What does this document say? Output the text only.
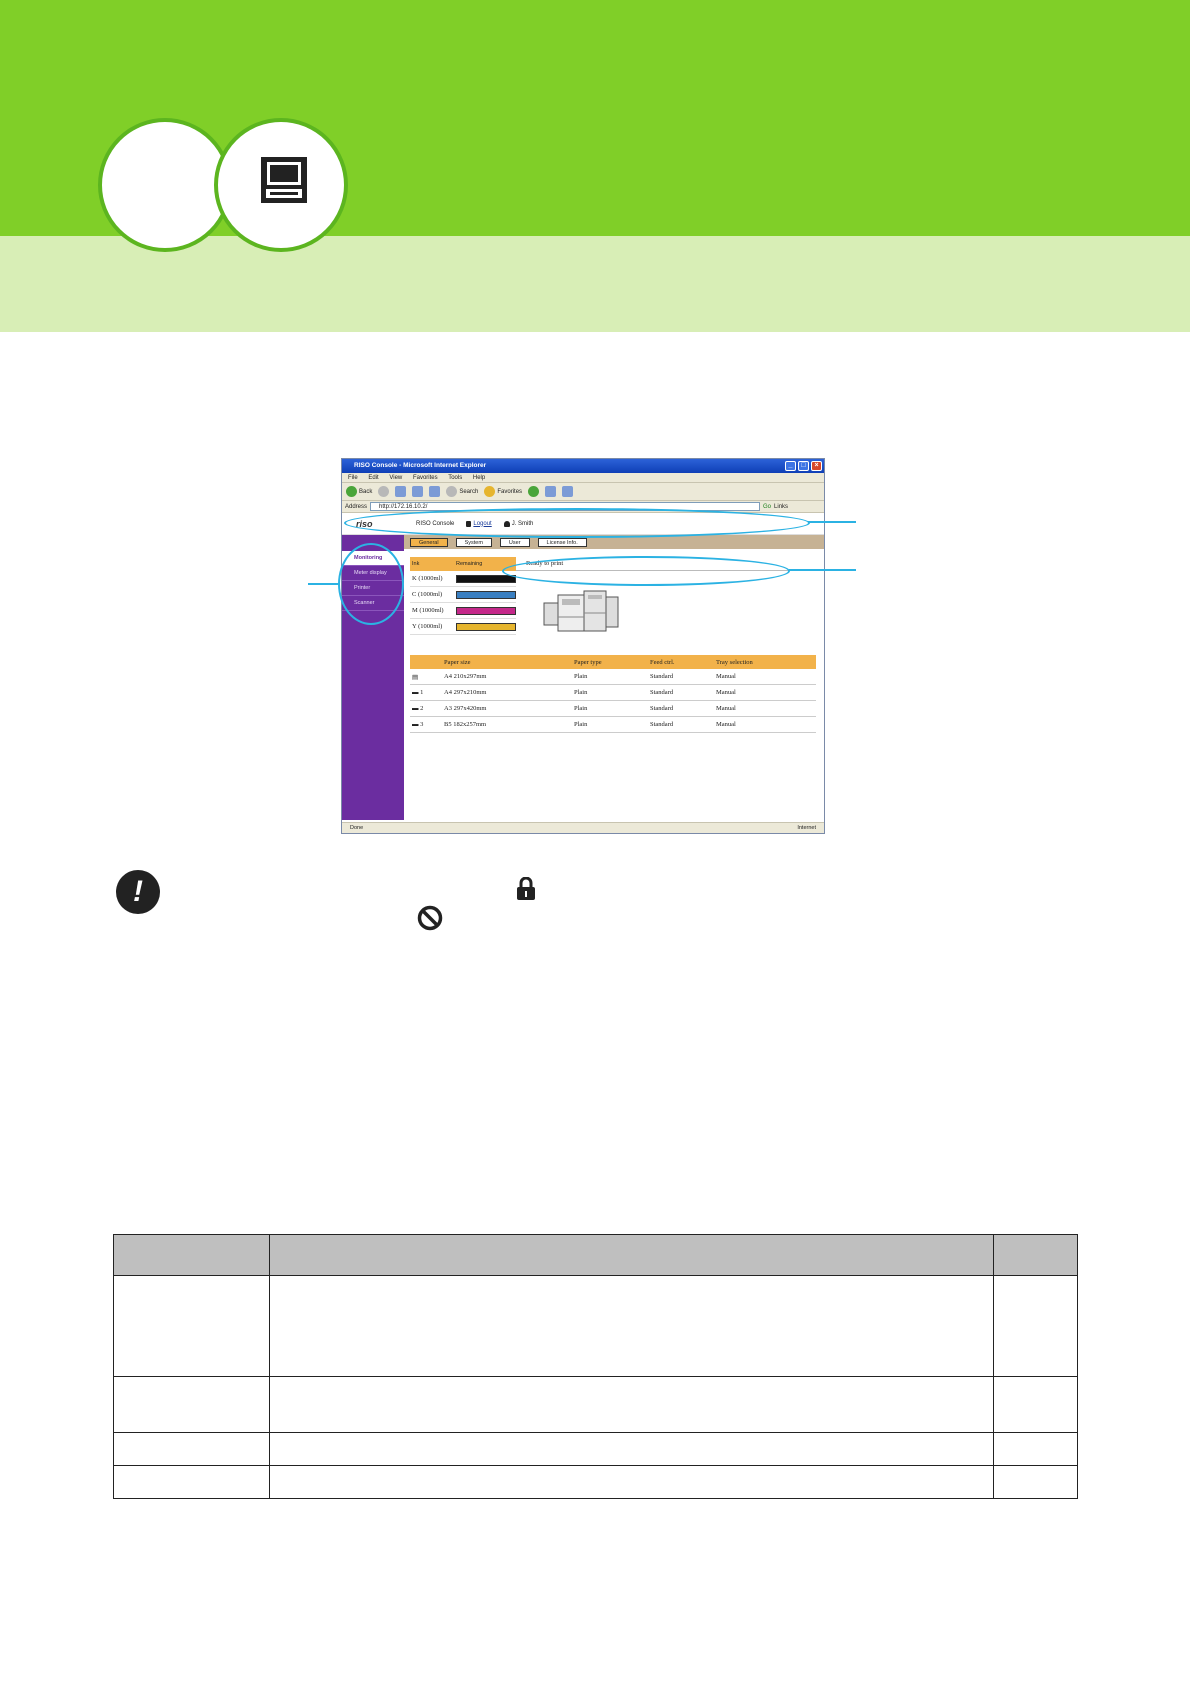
RISO Console - Microsoft Internet Explorer	_	□	×
File Edit View Favorites Tools Help
Back	Search	Favorites
Address	http://172.16.10.2/	Go Links
riso	RISO Console	Logout	J. Smith
Monitoring
Meter display
Printer
Scanner
General	System	User	License Info.
Ink	Remaining
K (1000ml)
C (1000ml)
M (1000ml)
Y (1000ml)
Ready to print
Paper size	Paper type	Feed ctrl.	Tray selection
▤	A4 210x297mm	Plain	Standard	Manual
▬ 1	A4 297x210mm	Plain	Standard	Manual
▬ 2	A3 297x420mm	Plain	Standard	Manual
▬ 3	B5 182x257mm	Plain	Standard	Manual
Done	Internet
!
